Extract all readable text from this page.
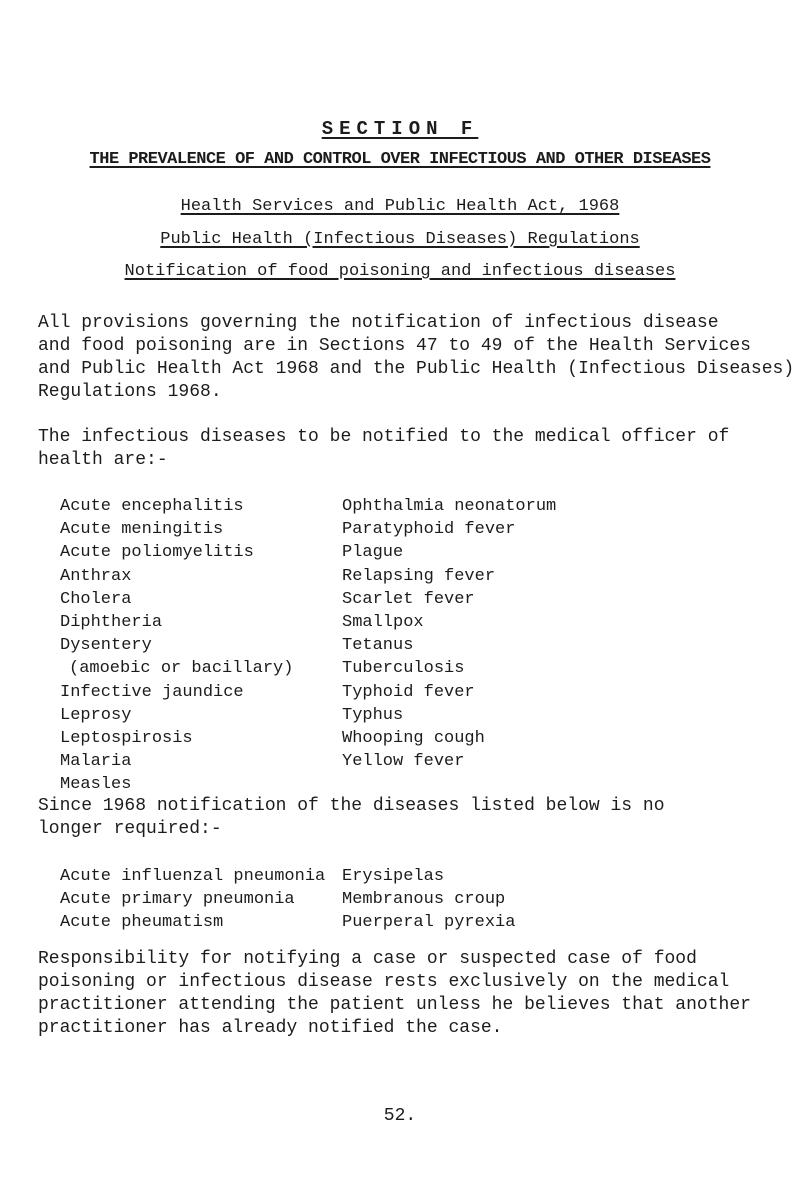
SECTION F
THE PREVALENCE OF AND CONTROL OVER INFECTIOUS AND OTHER DISEASES
Health Services and Public Health Act, 1968
Public Health (Infectious Diseases) Regulations
Notification of food poisoning and infectious diseases
All provisions governing the notification of infectious disease
and food poisoning are in Sections 47 to 49 of the Health Services
and Public Health Act 1968 and the Public Health (Infectious Diseases)
Regulations 1968.
The infectious diseases to be notified to the medical officer of
health are:-
Acute encephalitis
Acute meningitis
Acute poliomyelitis
Anthrax
Cholera
Diphtheria
Dysentery
(amoebic or bacillary)
Infective jaundice
Leprosy
Leptospirosis
Malaria
Measles
Ophthalmia neonatorum
Paratyphoid fever
Plague
Relapsing fever
Scarlet fever
Smallpox
Tetanus
Tuberculosis
Typhoid fever
Typhus
Whooping cough
Yellow fever
Since 1968 notification of the diseases listed below is no
longer required:-
Acute influenzal pneumonia
Acute primary pneumonia
Acute pheumatism
Erysipelas
Membranous croup
Puerperal pyrexia
Responsibility for notifying a case or suspected case of food
poisoning or infectious disease rests exclusively on the medical
practitioner attending the patient unless he believes that another
practitioner has already notified the case.
52.
